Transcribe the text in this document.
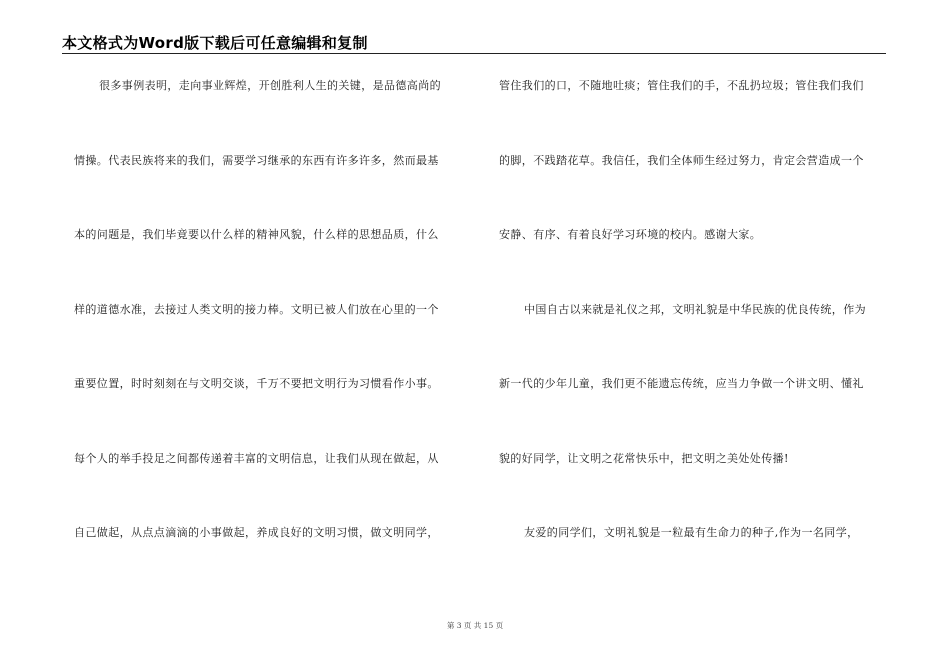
本文格式为Word版下载后可任意编辑和复制
很多事例表明，走向事业辉煌，开创胜利人生的关键，是品德高尚的
情操。代表民族将来的我们，需要学习继承的东西有许多许多，然而最基
本的问题是，我们毕竟要以什么样的精神风貌，什么样的思想品质，什么
样的道德水准，去接过人类文明的接力棒。文明已被人们放在心里的一个
重要位置，时时刻刻在与文明交谈，千万不要把文明行为习惯看作小事。
每个人的举手投足之间都传递着丰富的文明信息，让我们从现在做起，从
自己做起，从点点滴滴的小事做起，养成良好的文明习惯，做文明同学，
管住我们的口，不随地吐痰；管住我们的手，不乱扔垃圾；管住我们我们
的脚，不践踏花草。我信任，我们全体师生经过努力，肯定会营造成一个
安静、有序、有着良好学习环境的校内。感谢大家。
中国自古以来就是礼仪之邦，文明礼貌是中华民族的优良传统，作为
新一代的少年儿童，我们更不能遗忘传统，应当力争做一个讲文明、懂礼
貌的好同学，让文明之花常快乐中，把文明之美处处传播!
友爱的同学们，文明礼貌是一粒最有生命力的种子,作为一名同学，
第 3 页 共 15 页
